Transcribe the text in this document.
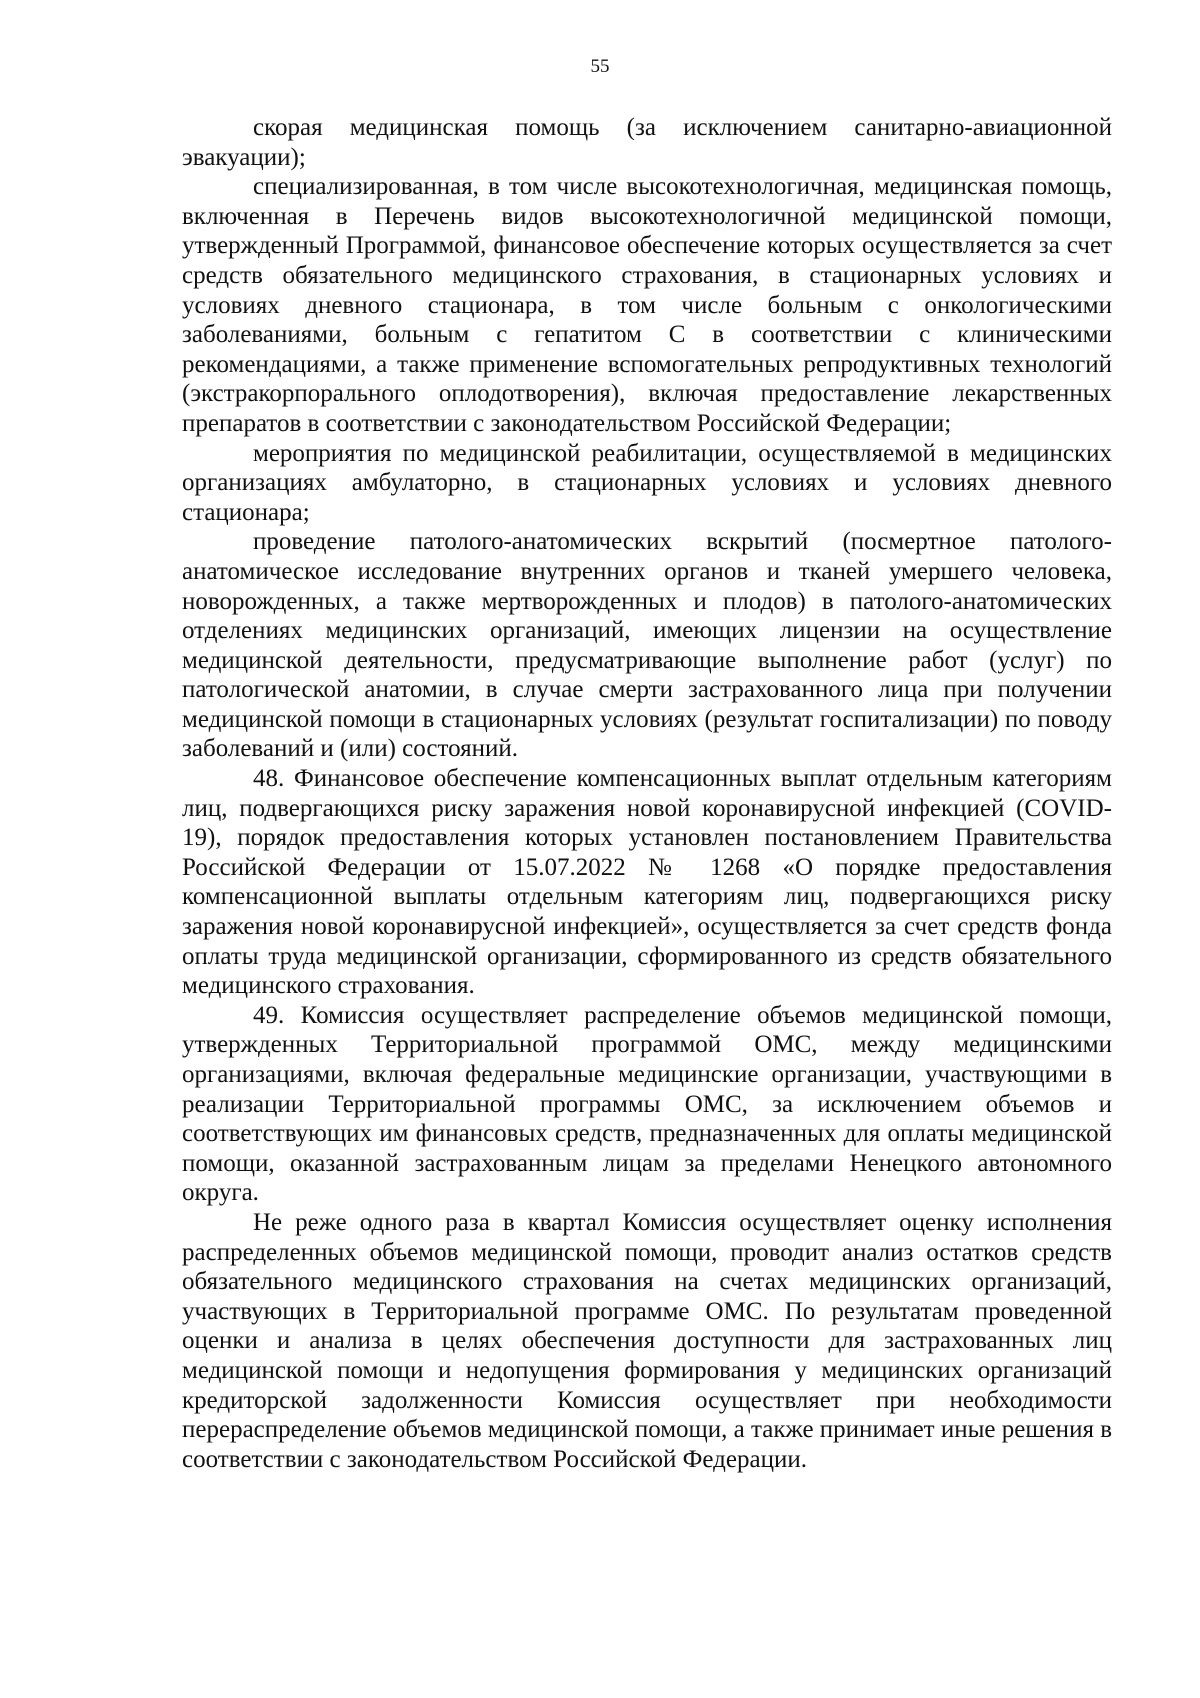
55

скорая медицинская помощь (за исключением санитарно-авиационной эвакуации);

специализированная, в том числе высокотехнологичная, медицинская помощь, включенная в Перечень видов высокотехнологичной медицинской помощи, утвержденный Программой, финансовое обеспечение которых осуществляется за счет средств обязательного медицинского страхования, в стационарных условиях и условиях дневного стационара, в том числе больным с онкологическими заболеваниями, больным с гепатитом С в соответствии с клиническими рекомендациями, а также применение вспомогательных репродуктивных технологий (экстракорпорального оплодотворения), включая предоставление лекарственных препаратов в соответствии с законодательством Российской Федерации;

мероприятия по медицинской реабилитации, осуществляемой в медицинских организациях амбулаторно, в стационарных условиях и условиях дневного стационара;

проведение патолого-анатомических вскрытий (посмертное патолого-анатомическое исследование внутренних органов и тканей умершего человека, новорожденных, а также мертворожденных и плодов) в патолого-анатомических отделениях медицинских организаций, имеющих лицензии на осуществление медицинской деятельности, предусматривающие выполнение работ (услуг) по патологической анатомии, в случае смерти застрахованного лица при получении медицинской помощи в стационарных условиях (результат госпитализации) по поводу заболеваний и (или) состояний.

48. Финансовое обеспечение компенсационных выплат отдельным категориям лиц, подвергающихся риску заражения новой коронавирусной инфекцией (COVID-19), порядок предоставления которых установлен постановлением Правительства Российской Федерации от 15.07.2022 № 1268 «О порядке предоставления компенсационной выплаты отдельным категориям лиц, подвергающихся риску заражения новой коронавирусной инфекцией», осуществляется за счет средств фонда оплаты труда медицинской организации, сформированного из средств обязательного медицинского страхования.

49. Комиссия осуществляет распределение объемов медицинской помощи, утвержденных Территориальной программой ОМС, между медицинскими организациями, включая федеральные медицинские организации, участвующими в реализации Территориальной программы ОМС, за исключением объемов и соответствующих им финансовых средств, предназначенных для оплаты медицинской помощи, оказанной застрахованным лицам за пределами Ненецкого автономного округа.

Не реже одного раза в квартал Комиссия осуществляет оценку исполнения распределенных объемов медицинской помощи, проводит анализ остатков средств обязательного медицинского страхования на счетах медицинских организаций, участвующих в Территориальной программе ОМС. По результатам проведенной оценки и анализа в целях обеспечения доступности для застрахованных лиц медицинской помощи и недопущения формирования у медицинских организаций кредиторской задолженности Комиссия осуществляет при необходимости перераспределение объемов медицинской помощи, а также принимает иные решения в соответствии с законодательством Российской Федерации.
